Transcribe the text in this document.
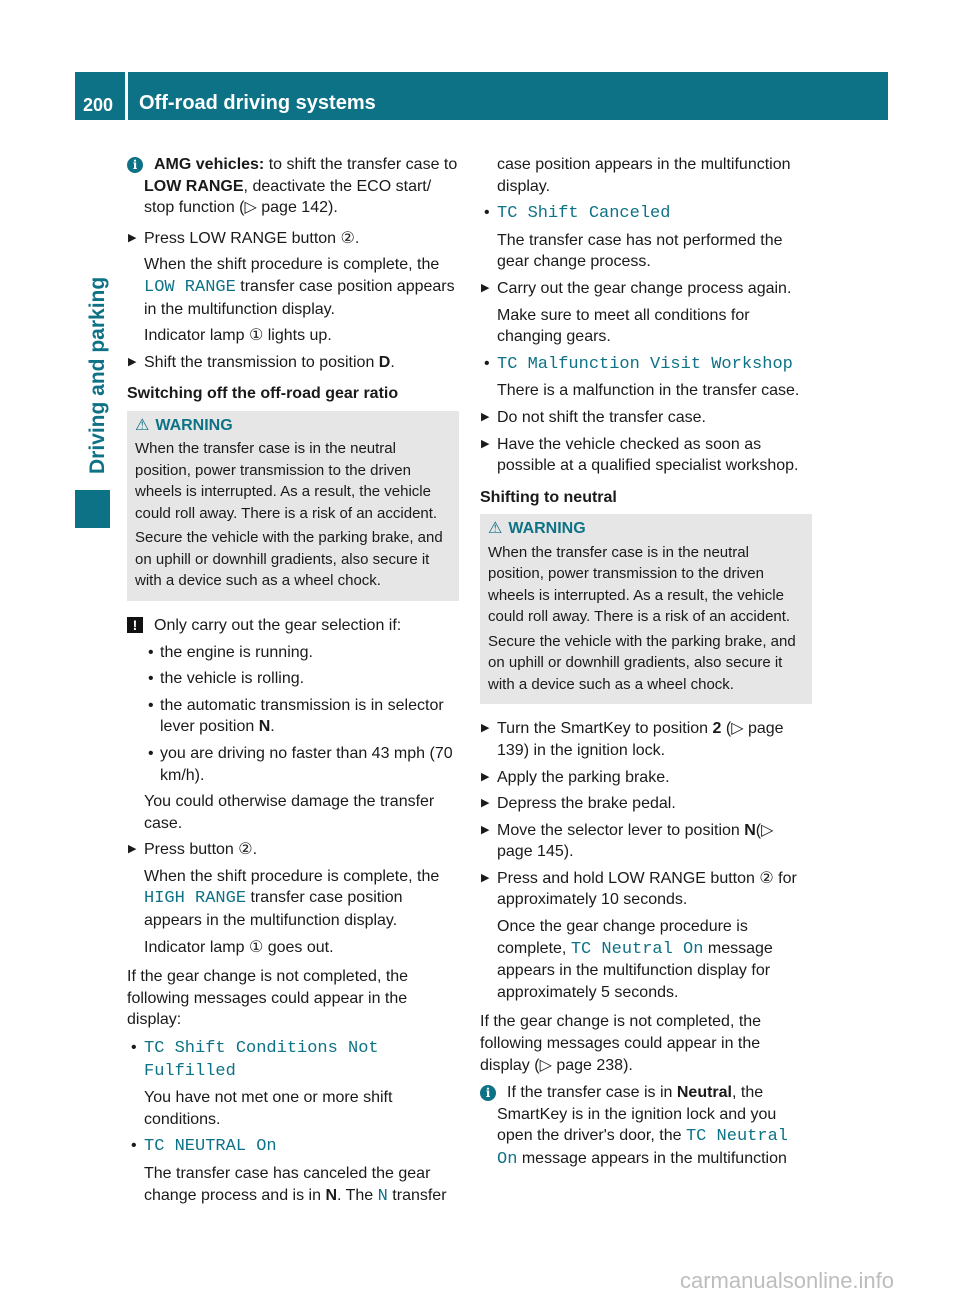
200	Off-road driving systems
Driving and parking
i	AMG vehicles: to shift the transfer case to LOW RANGE, deactivate the ECO start/ stop function (▷ page 142).
▶ Press LOW RANGE button ②.
When the shift procedure is complete, the LOW RANGE transfer case position appears in the multifunction display.
Indicator lamp ① lights up.
▶ Shift the transmission to position D.
Switching off the off-road gear ratio
⚠ WARNING

When the transfer case is in the neutral position, power transmission to the driven wheels is interrupted. As a result, the vehicle could roll away. There is a risk of an accident.

Secure the vehicle with the parking brake, and on uphill or downhill gradients, also secure it with a device such as a wheel chock.

!	Only carry out the gear selection if:
• the engine is running.
• the vehicle is rolling.
• the automatic transmission is in selector lever position N.
• you are driving no faster than 43 mph (70 km/h).
You could otherwise damage the transfer case.
▶ Press button ②.
When the shift procedure is complete, the HIGH RANGE transfer case position appears in the multifunction display.
Indicator lamp ① goes out.
If the gear change is not completed, the following messages could appear in the display:
• TC Shift Conditions Not Fulfilled
You have not met one or more shift conditions.
• TC NEUTRAL On
The transfer case has canceled the gear change process and is in N. The N transfer
case position appears in the multifunction display.
• TC Shift Canceled
The transfer case has not performed the gear change process.
▶ Carry out the gear change process again.
Make sure to meet all conditions for changing gears.
• TC Malfunction Visit Workshop
There is a malfunction in the transfer case.
▶ Do not shift the transfer case.
▶ Have the vehicle checked as soon as possible at a qualified specialist workshop.
Shifting to neutral
⚠ WARNING

When the transfer case is in the neutral position, power transmission to the driven wheels is interrupted. As a result, the vehicle could roll away. There is a risk of an accident.

Secure the vehicle with the parking brake, and on uphill or downhill gradients, also secure it with a device such as a wheel chock.

▶ Turn the SmartKey to position 2 (▷ page 139) in the ignition lock.
▶ Apply the parking brake.
▶ Depress the brake pedal.
▶ Move the selector lever to position N(▷ page 145).
▶ Press and hold LOW RANGE button ② for approximately 10 seconds.
Once the gear change procedure is complete, TC Neutral On message appears in the multifunction display for approximately 5 seconds.
If the gear change is not completed, the following messages could appear in the display (▷ page 238).
i	If the transfer case is in Neutral, the SmartKey is in the ignition lock and you open the driver's door, the TC Neutral On message appears in the multifunction
carmanualsonline.info
